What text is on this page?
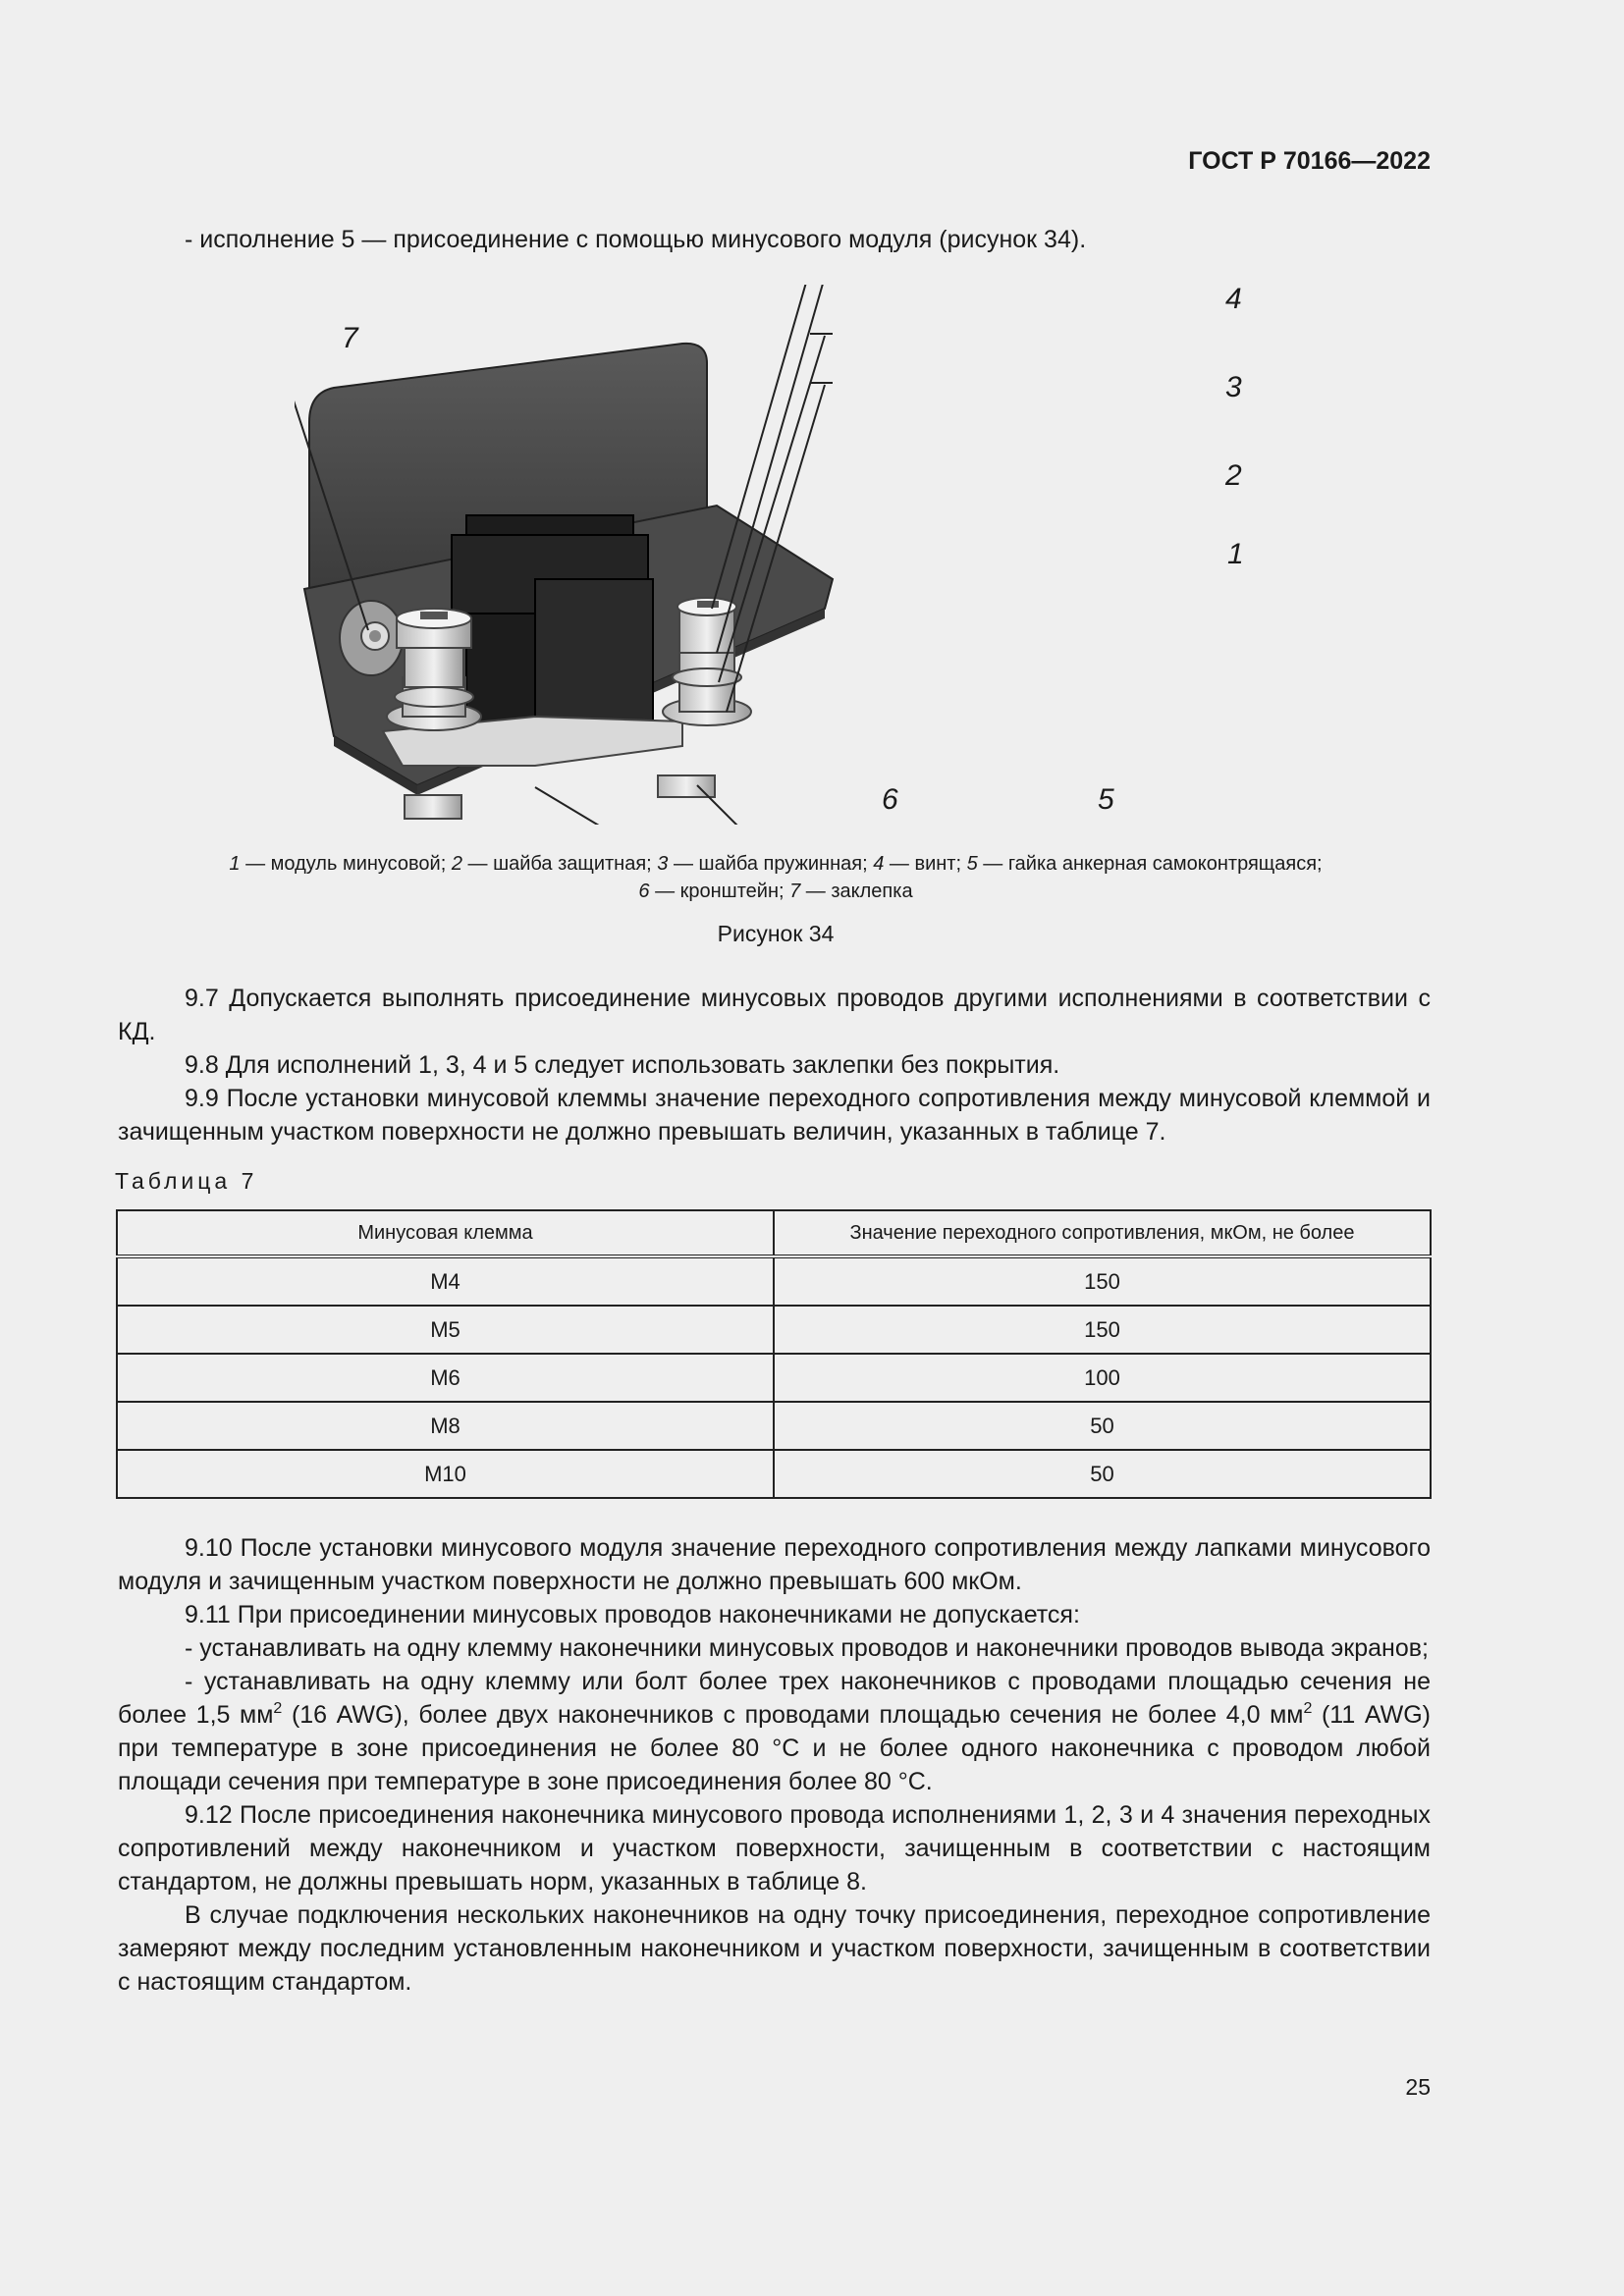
ГОСТ Р 70166—2022
- исполнение 5 — присоединение с помощью минусового модуля (рисунок 34).
7
4
3
2
1
6	5
1 — модуль минусовой; 2 — шайба защитная; 3 — шайба пружинная; 4 — винт; 5 — гайка анкерная самоконтрящаяся;
6 — кронштейн; 7 — заклепка
Рисунок 34

9.7 Допускается выполнять присоединение минусовых проводов другими исполнениями в соответствии с КД.

9.8 Для исполнений 1, 3, 4 и 5 следует использовать заклепки без покрытия.

9.9 После установки минусовой клеммы значение переходного сопротивления между минусовой клеммой и зачищенным участком поверхности не должно превышать величин, указанных в таблице 7.

Таблица 7
Минусовая клемма	Значение переходного сопротивления, мкОм, не более
М4	150
М5	150
М6	100
М8	50
М10	50

9.10 После установки минусового модуля значение переходного сопротивления между лапками минусового модуля и зачищенным участком поверхности не должно превышать 600 мкОм.

9.11 При присоединении минусовых проводов наконечниками не допускается:

- устанавливать на одну клемму наконечники минусовых проводов и наконечники проводов вывода экранов;

- устанавливать на одну клемму или болт более трех наконечников с проводами площадью сечения не более 1,5 $мм^2$ (16 AWG), более двух наконечников с проводами площадью сечения не более 4,0 $мм^2$ (11 AWG) при температуре в зоне присоединения не более 80 °C и не более одного наконечника с проводом любой площади сечения при температуре в зоне присоединения более 80 °C.

9.12 После присоединения наконечника минусового провода исполнениями 1, 2, 3 и 4 значения переходных сопротивлений между наконечником и участком поверхности, зачищенным в соответствии с настоящим стандартом, не должны превышать норм, указанных в таблице 8.

В случае подключения нескольких наконечников на одну точку присоединения, переходное сопротивление замеряют между последним установленным наконечником и участком поверхности, зачищенным в соответствии с настоящим стандартом.

25
